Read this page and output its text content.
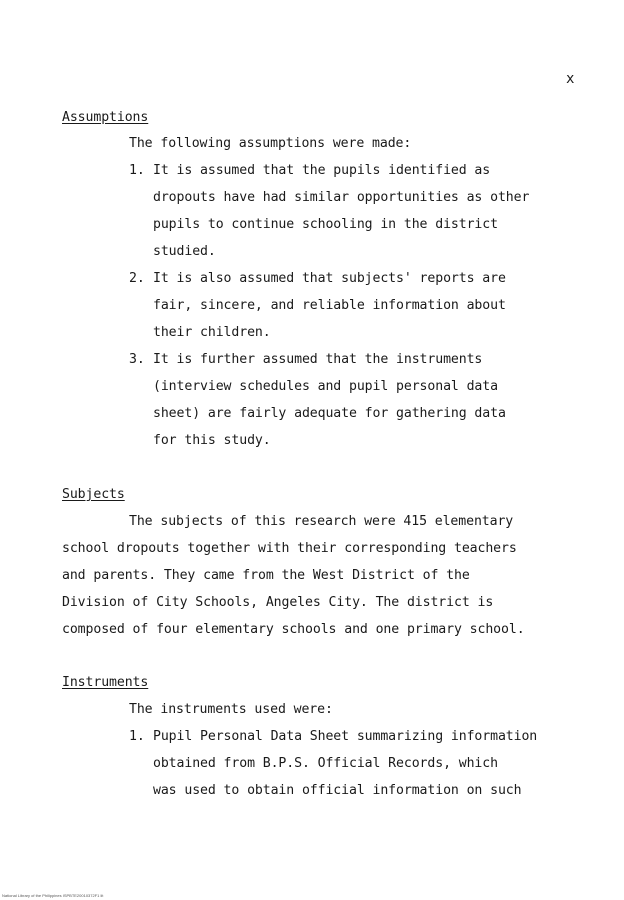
x
Assumptions
The following assumptions were made:
1. It is assumed that the pupils identified as
dropouts have had similar opportunities as other
pupils to continue schooling in the district
studied.
2. It is also assumed that subjects' reports are
fair, sincere, and reliable information about
their children.
3. It is further assumed that the instruments
(interview schedules and pupil personal data
sheet) are fairly adequate for gathering data
for this study.
Subjects
The subjects of this research were 415 elementary
school dropouts together with their corresponding teachers
and parents. They came from the West District of the
Division of City Schools, Angeles City. The district is
composed of four elementary schools and one primary school.
Instruments
The instruments used were:
1. Pupil Personal Data Sheet summarizing information
obtained from B.P.S. Official Records, which
was used to obtain official information on such
National Library of the Philippines ISPBTE20010372F1 lit
